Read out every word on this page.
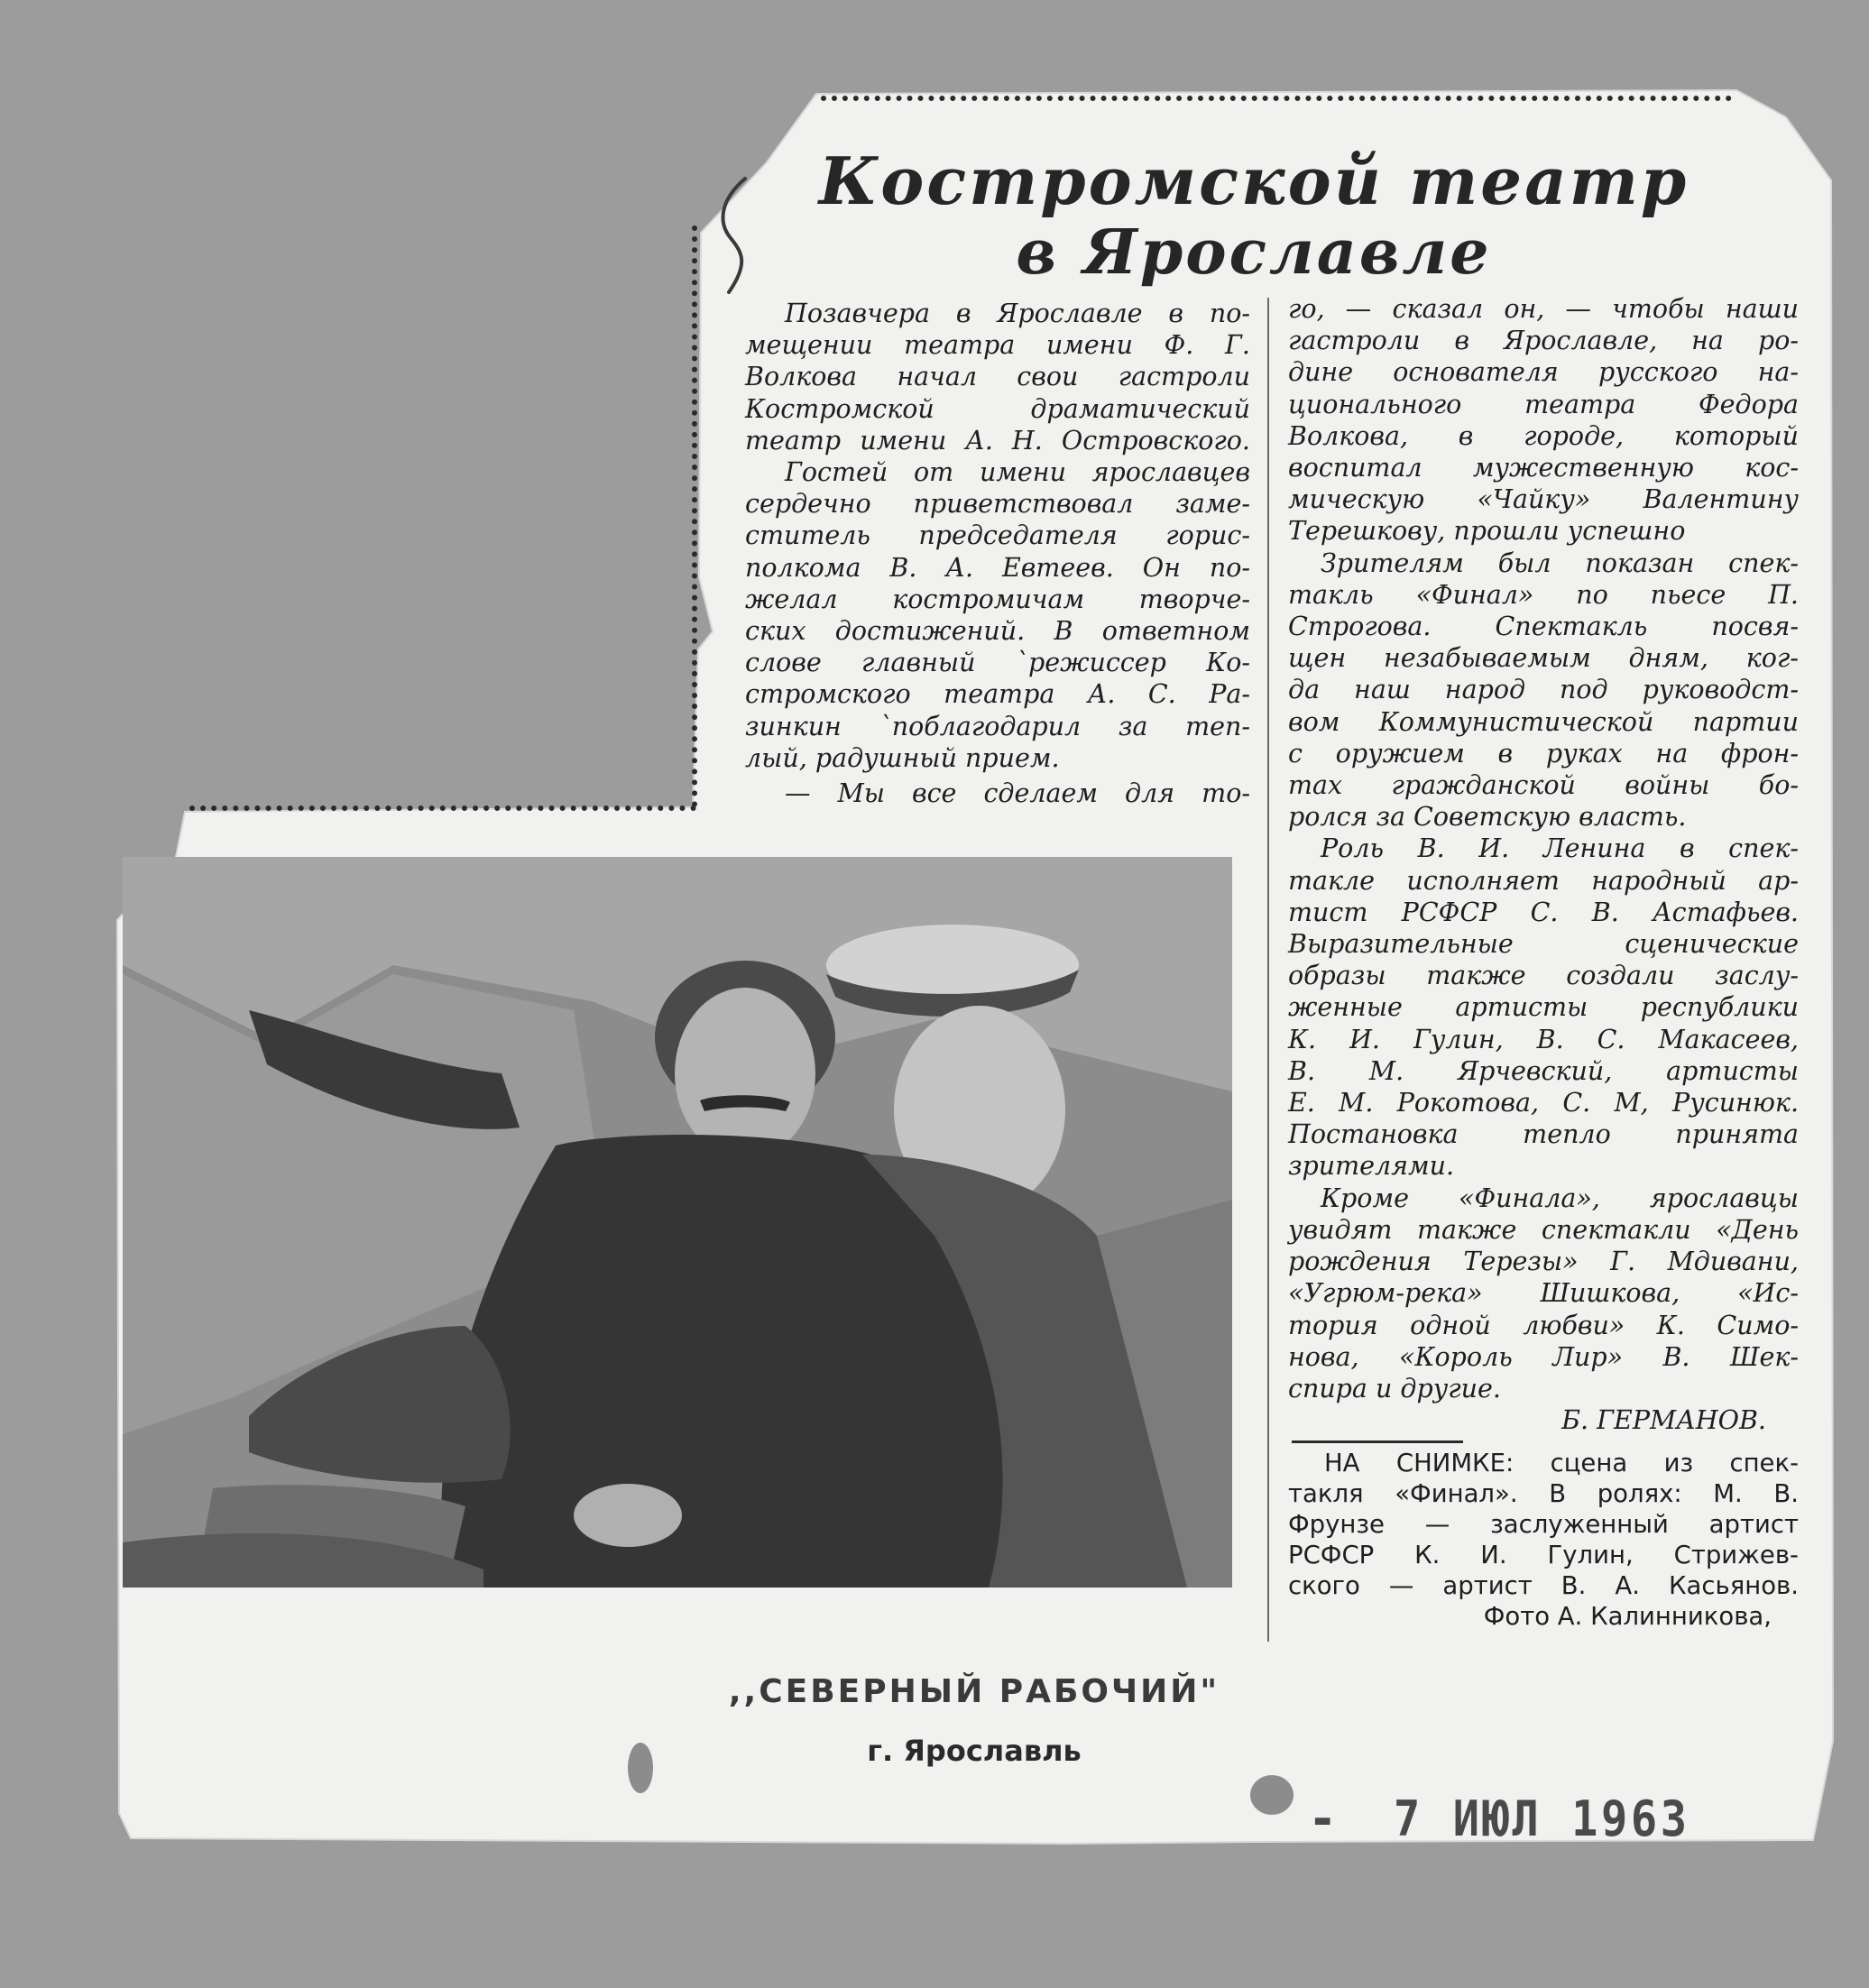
Костромской театр
в Ярославле
Позавчера в Ярославле в по-
мещении театра имени Ф. Г.
Волкова начал свои гастроли
Костромской драматический
театр имени А. Н. Островского.
Гостей от имени ярославцев
сердечно приветствовал заме-
ститель председателя горис-
полкома В. А. Евтеев. Он по-
желал костромичам творче-
ских достижений. В ответном
слове главный `режиссер Ко-
стромского театра А. С. Ра-
зинкин `поблагодарил за теп-
лый, радушный прием.
— Мы все сделаем для то-
го, — сказал он, — чтобы наши
гастроли в Ярославле, на ро-
дине основателя русского на-
ционального театра Федора
Волкова, в городе, который
воспитал мужественную кос-
мическую «Чайку» Валентину
Терешкову, прошли успешно
Зрителям был показан спек-
такль «Финал» по пьесе П.
Строгова. Спектакль посвя-
щен незабываемым дням, ког-
да наш народ под руководст-
вом Коммунистической партии
с оружием в руках на фрон-
тах гражданской войны бо-
ролся за Советскую власть.
Роль В. И. Ленина в спек-
такле исполняет народный ар-
тист РСФСР С. В. Астафьев.
Выразительные сценические
образы также создали заслу-
женные артисты республики
К. И. Гулин, В. С. Макасеев,
В. М. Ярчевский, артисты
Е. М. Рокотова, С. М, Русинюк.
Постановка тепло принята
зрителями.
Кроме «Финала», ярославцы
увидят также спектакли «День
рождения Терезы» Г. Мдивани,
«Угрюм-река» Шишкова, «Ис-
тория одной любви» К. Симо-
нова, «Король Лир» В. Шек-
спира и другие.
Б. ГЕРМАНОВ.
НА СНИМКЕ: сцена из спек-
такля «Финал». В ролях: М. В.
Фрунзе — заслуженный артист
РСФСР К. И. Гулин, Стрижев-
ского — артист В. А. Касьянов.
Фото А. Калинникова,
,,СЕВЕРНЫЙ РАБОЧИЙ"
г. Ярославль
- 7 ИЮЛ 1963
